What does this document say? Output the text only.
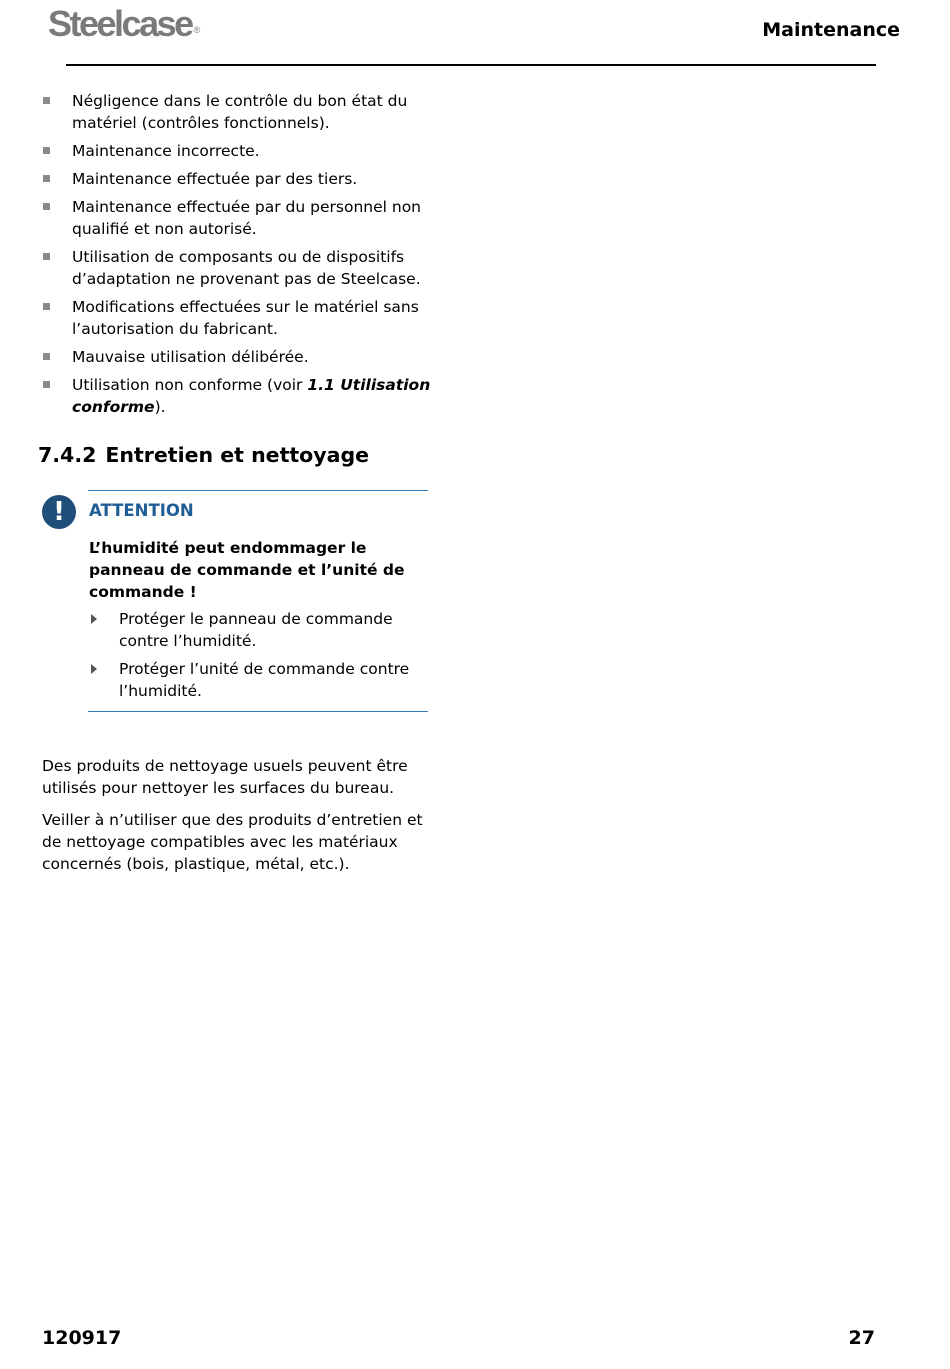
Steelcase ®	Maintenance
Négligence dans le contrôle du bon état du matériel (contrôles fonctionnels).
Maintenance incorrecte.
Maintenance effectuée par des tiers.
Maintenance effectuée par du personnel non qualifié et non autorisé.
Utilisation de composants ou de dispositifs d’adaptation ne provenant pas de Steelcase.
Modifications effectuées sur le matériel sans l’autorisation du fabricant.
Mauvaise utilisation délibérée.
Utilisation non conforme (voir 1.1 Utilisation conforme).
7.4.2 Entretien et nettoyage
!	ATTENTION
L’humidité peut endommager le panneau de commande et l’unité de commande !
Protéger le panneau de commande contre l’humidité.
Protéger l’unité de commande contre l’humidité.

Des produits de nettoyage usuels peuvent être utilisés pour nettoyer les surfaces du bureau.

Veiller à n’utiliser que des produits d’entretien et de nettoyage compatibles avec les matériaux concernés (bois, plastique, métal, etc.).

120917	27
